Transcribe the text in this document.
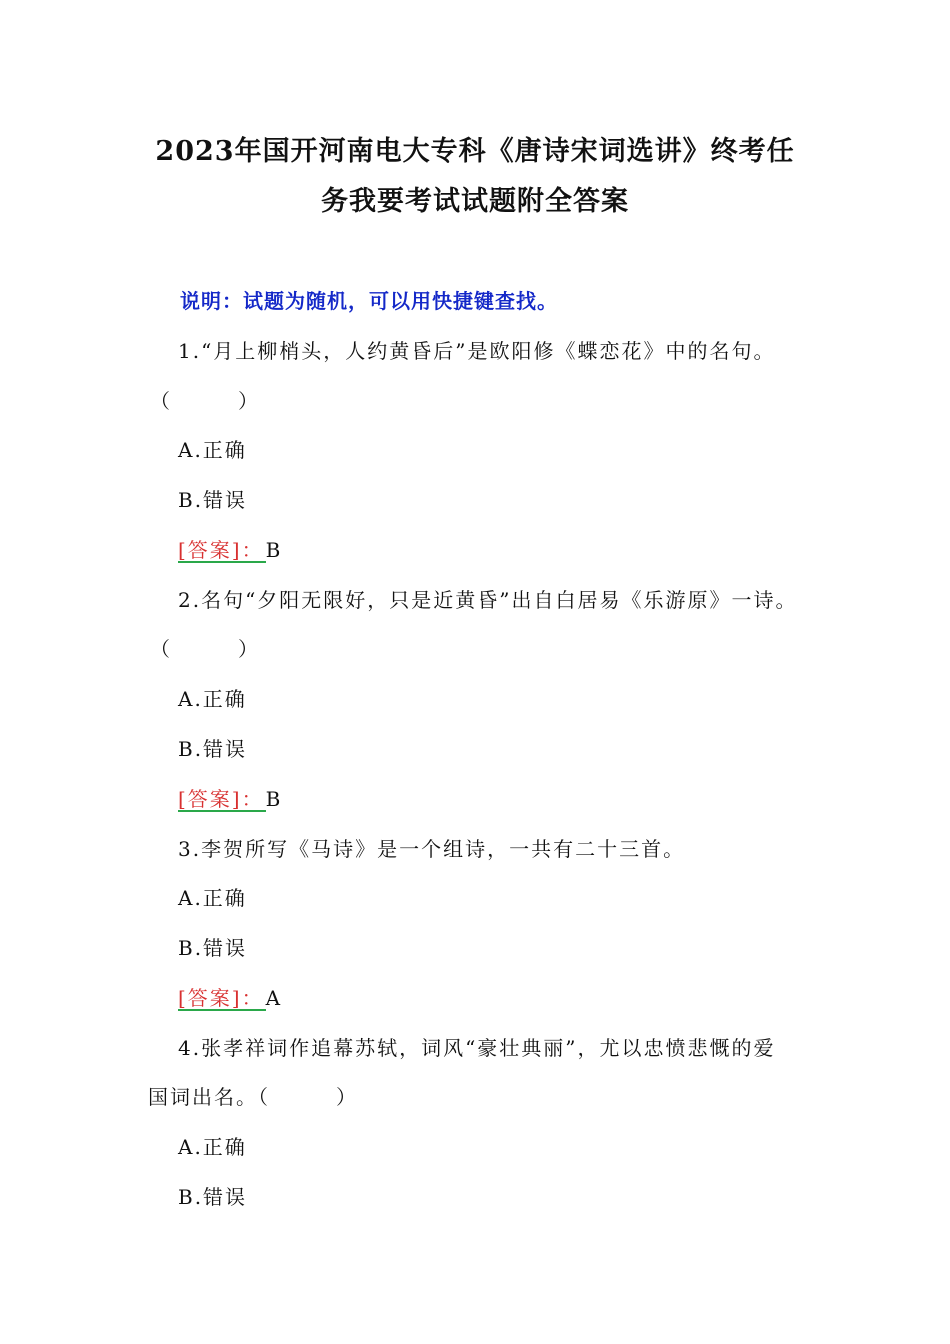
2023年国开河南电大专科《唐诗宋词选讲》终考任
务我要考试试题附全答案
说明：试题为随机，可以用快捷键查找。
1.“月上柳梢头，人约黄昏后”是欧阳修《蝶恋花》中的名句。
（　　　）
A.正确
B.错误
[答案]： B
2.名句“夕阳无限好，只是近黄昏”出自白居易《乐游原》一诗。
（　　　）
A.正确
B.错误
[答案]： B
3.李贺所写《马诗》是一个组诗，一共有二十三首。
A.正确
B.错误
[答案]： A
4.张孝祥词作追幕苏轼，词风“豪壮典丽”，尤以忠愤悲慨的爱
国词出名。（　　　）
A.正确
B.错误
